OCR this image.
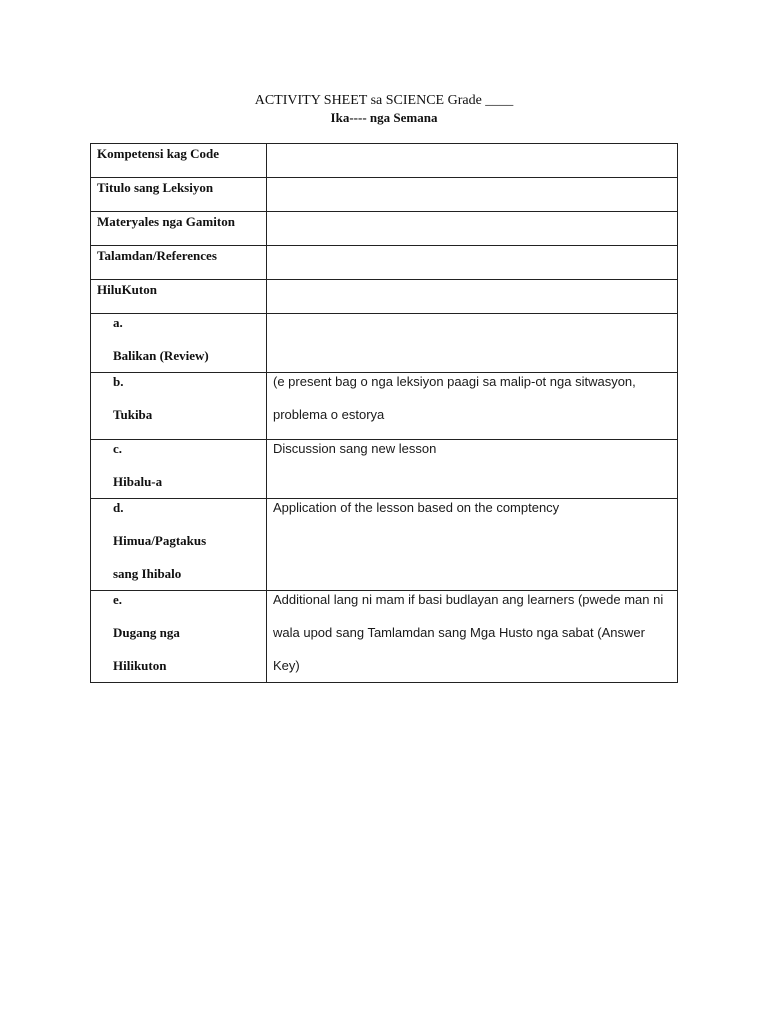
ACTIVITY SHEET sa SCIENCE Grade ____
Ika---- nga Semana
Kompetensi kag Code	

Titulo sang Leksiyon	

Materyales nga Gamiton	

Talamdan/References	

HiluKuton	

a.
Balikan (Review)	

b.
Tukiba	(e present bag o nga leksiyon paagi sa malip-ot nga sitwasyon,
problema o estorya

c.
Hibalu-a	Discussion sang new lesson

d.
Himua/Pagtakus
sang Ihibalo	Application of the lesson based on the comptency

e.
Dugang nga
Hilikuton	Additional lang ni mam if basi budlayan ang learners (pwede man ni
wala upod sang Tamlamdan sang Mga Husto nga sabat (Answer Key)
